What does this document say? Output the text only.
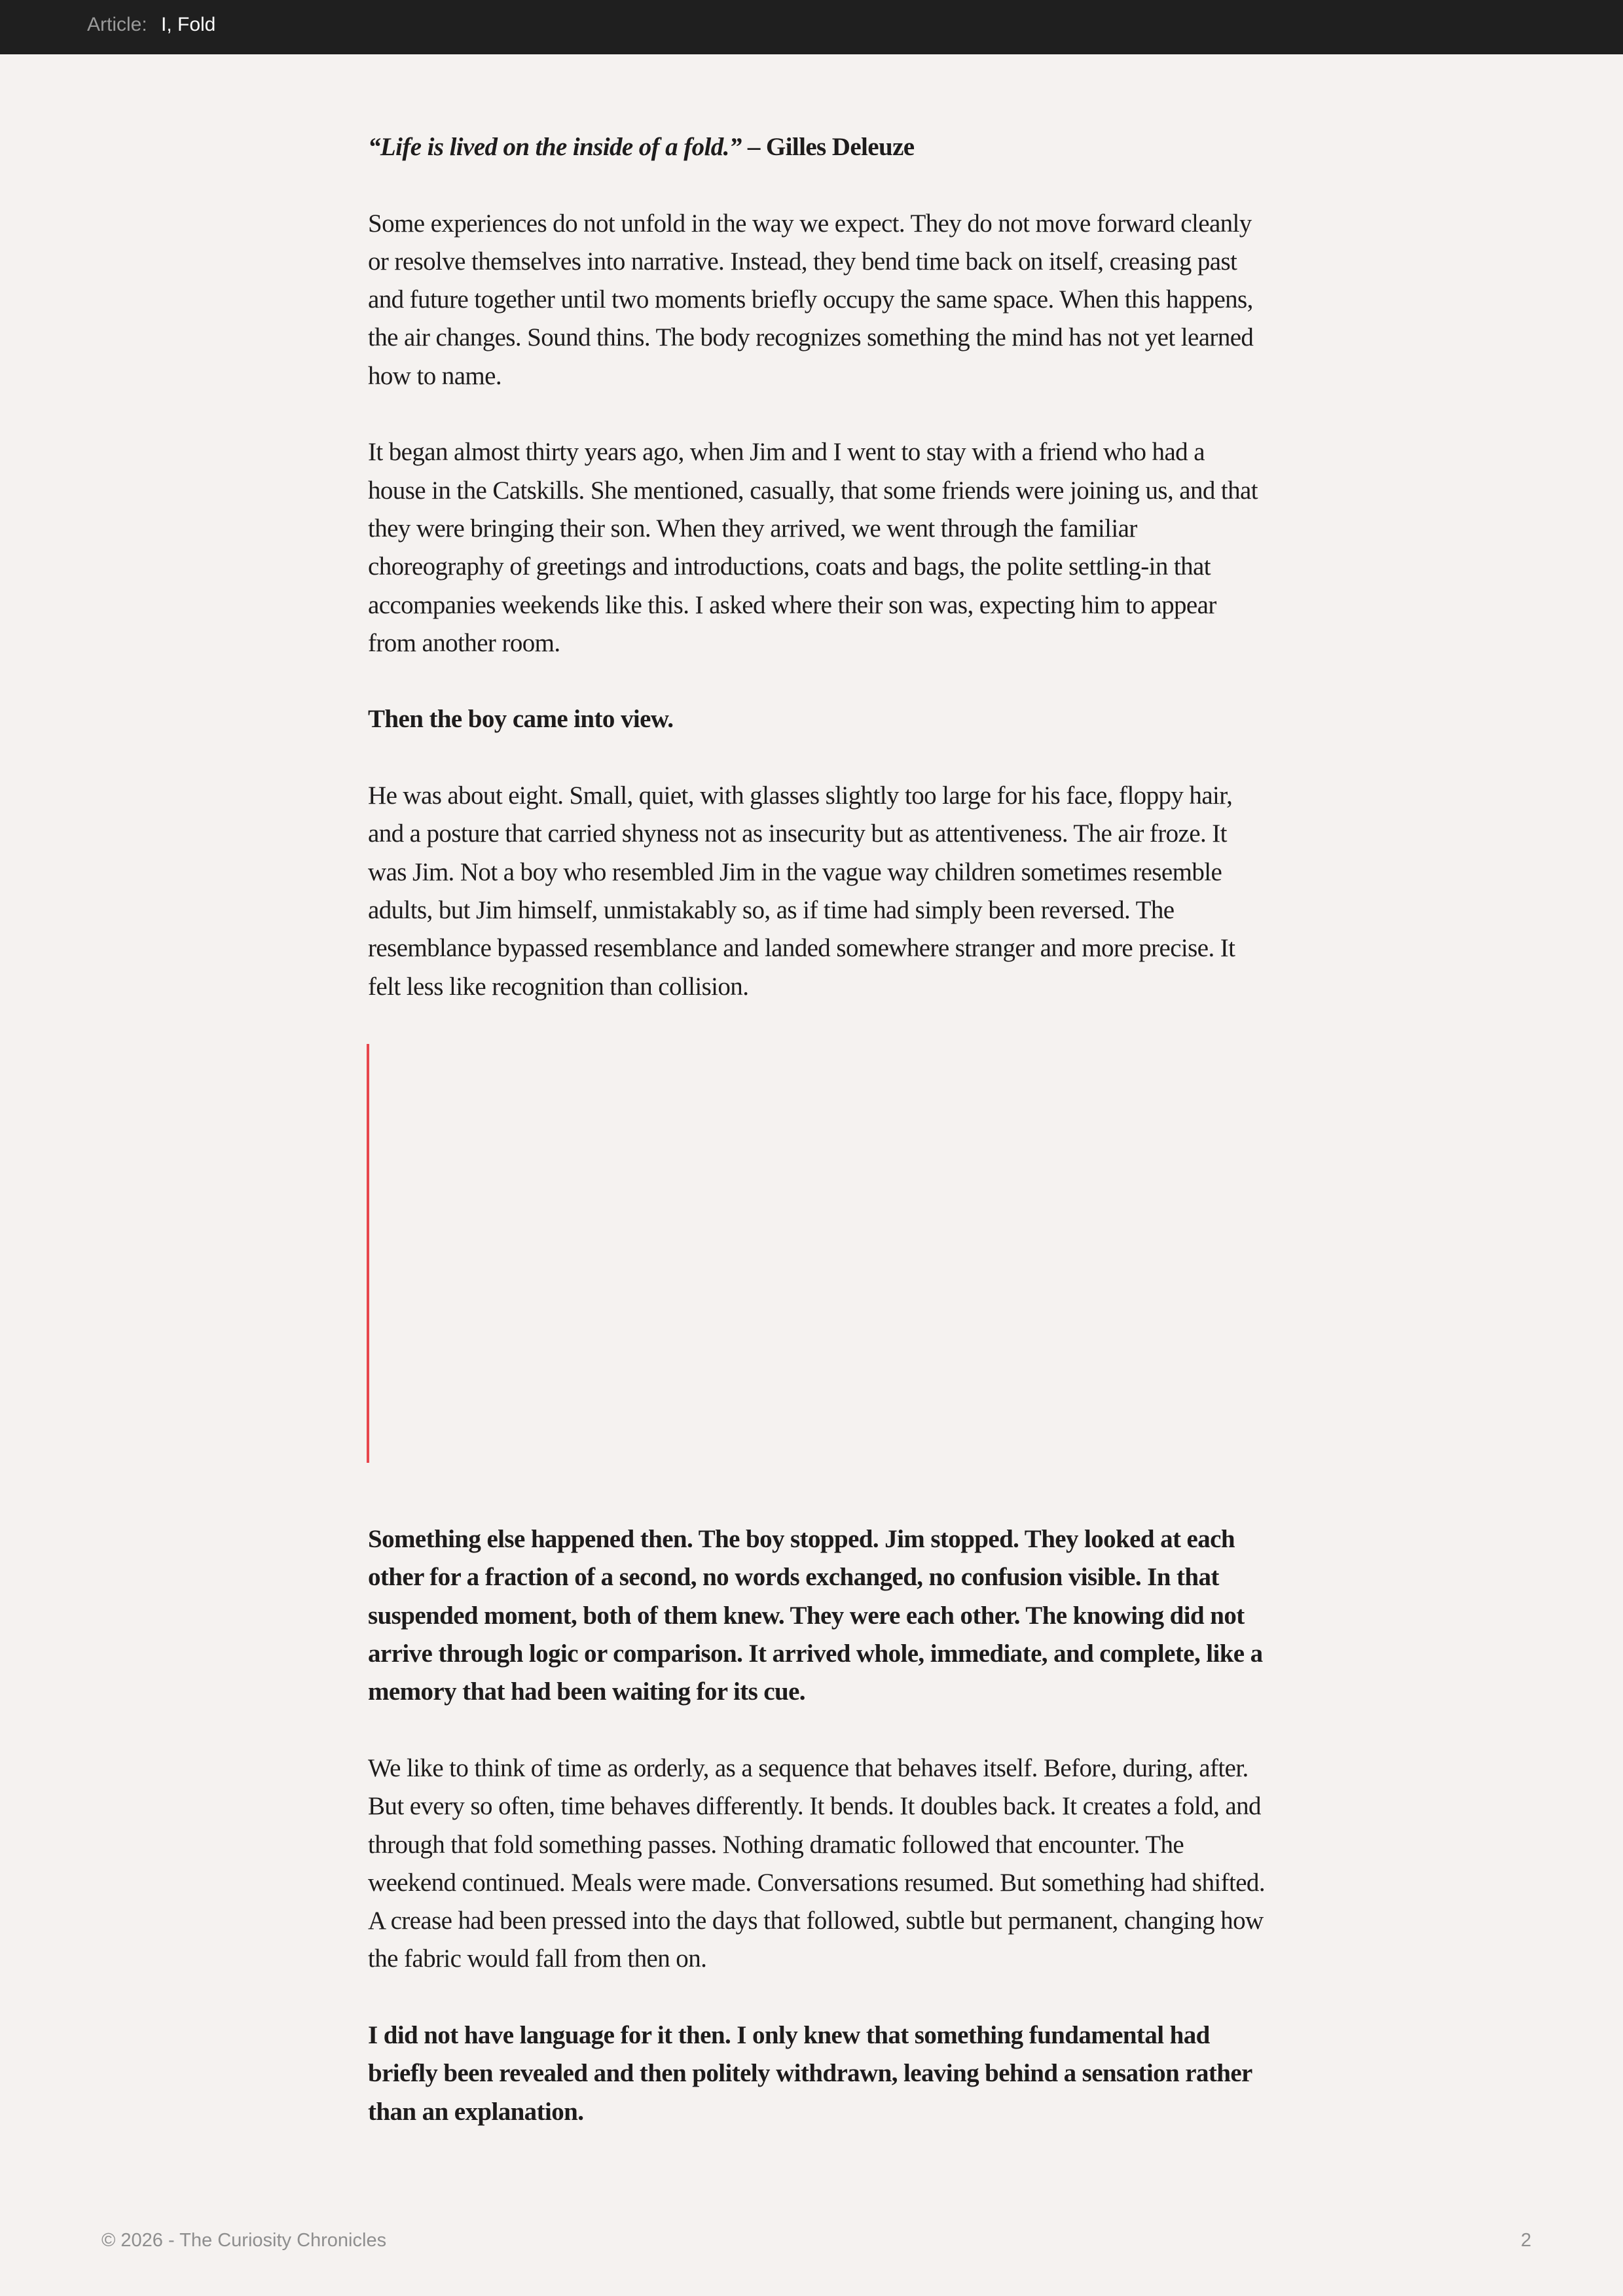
Article: I, Fold

“Life is lived on the inside of a fold.” – Gilles Deleuze

Some experiences do not unfold in the way we expect. They do not move forward cleanly or resolve themselves into narrative. Instead, they bend time back on itself, creasing past and future together until two moments briefly occupy the same space. When this happens, the air changes. Sound thins. The body recognizes something the mind has not yet learned how to name.

It began almost thirty years ago, when Jim and I went to stay with a friend who had a house in the Catskills. She mentioned, casually, that some friends were joining us, and that they were bringing their son. When they arrived, we went through the familiar choreography of greetings and introductions, coats and bags, the polite settling-in that accompanies weekends like this. I asked where their son was, expecting him to appear from another room.

Then the boy came into view.

He was about eight. Small, quiet, with glasses slightly too large for his face, floppy hair, and a posture that carried shyness not as insecurity but as attentiveness. The air froze. It was Jim. Not a boy who resembled Jim in the vague way children sometimes resemble adults, but Jim himself, unmistakably so, as if time had simply been reversed. The resemblance bypassed resemblance and landed somewhere stranger and more precise. It felt less like recognition than collision.

Something else happened then. The boy stopped. Jim stopped. They looked at each other for a fraction of a second, no words exchanged, no confusion visible. In that suspended moment, both of them knew. They were each other. The knowing did not arrive through logic or comparison. It arrived whole, immediate, and complete, like a memory that had been waiting for its cue.

We like to think of time as orderly, as a sequence that behaves itself. Before, during, after. But every so often, time behaves differently. It bends. It doubles back. It creates a fold, and through that fold something passes. Nothing dramatic followed that encounter. The weekend continued. Meals were made. Conversations resumed. But something had shifted. A crease had been pressed into the days that followed, subtle but permanent, changing how the fabric would fall from then on.

I did not have language for it then. I only knew that something fundamental had briefly been revealed and then politely withdrawn, leaving behind a sensation rather than an explanation.

© 2026 - The Curiosity Chronicles	2
